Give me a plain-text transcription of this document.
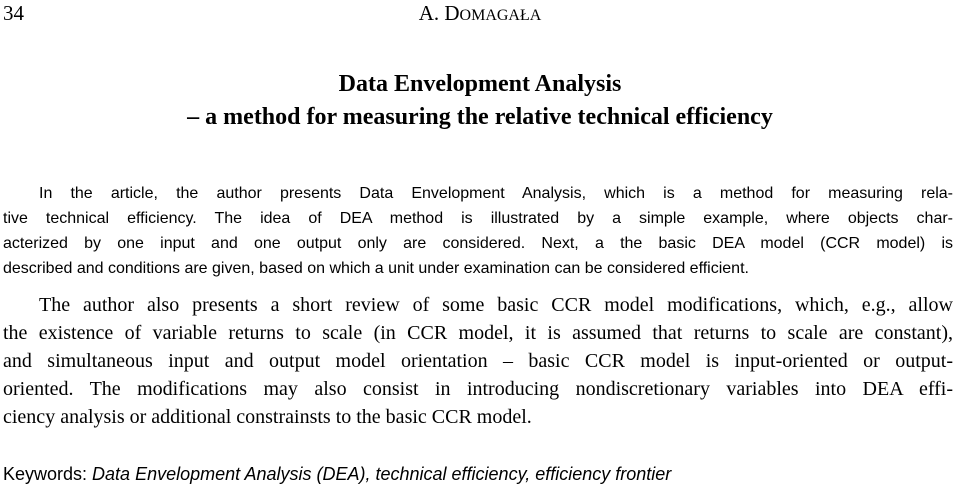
34	A. DOMAGAŁA
Data Envelopment Analysis
– a method for measuring the relative technical efficiency
In the article, the author presents Data Envelopment Analysis, which is a method for measuring rela-
tive technical efficiency. The idea of DEA method is illustrated by a simple example, where objects char-
acterized by one input and one output only are considered. Next, a the basic DEA model (CCR model) is
described and conditions are given, based on which a unit under examination can be considered efficient.
The author also presents a short review of some basic CCR model modifications, which, e.g., allow
the existence of variable returns to scale (in CCR model, it is assumed that returns to scale are constant),
and simultaneous input and output model orientation – basic CCR model is input-oriented or output-
oriented. The modifications may also consist in introducing nondiscretionary variables into DEA effi-
ciency analysis or additional constrainsts to the basic CCR model.
Keywords: Data Envelopment Analysis (DEA), technical efficiency, efficiency frontier
